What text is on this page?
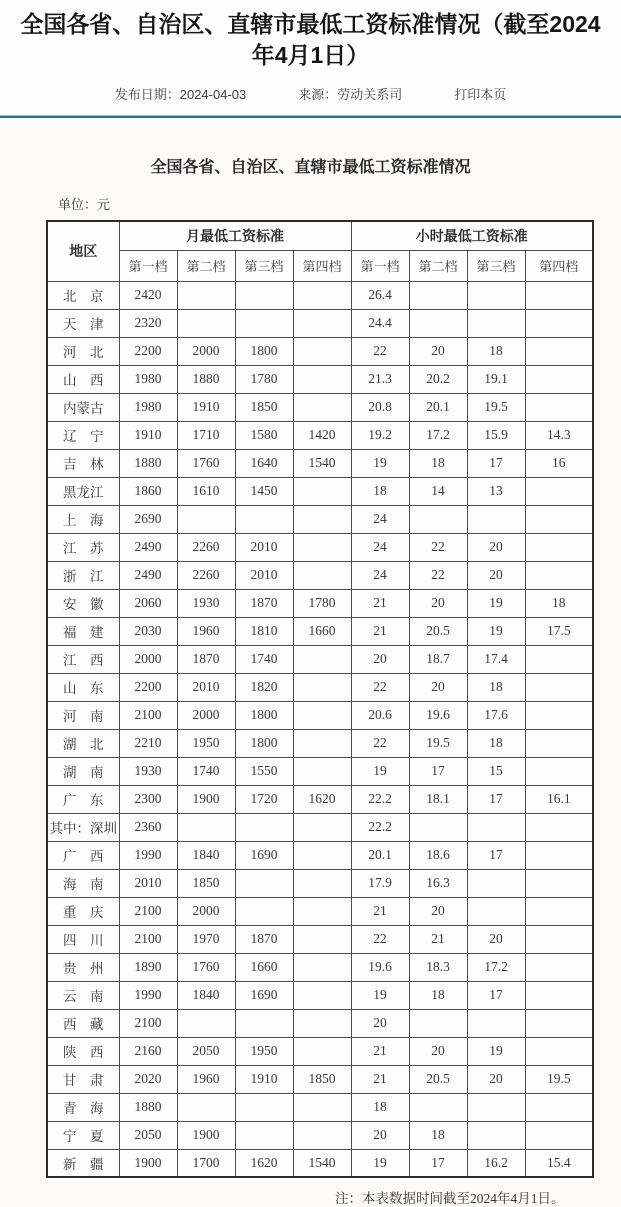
全国各省、自治区、直辖市最低工资标准情况（截至2024年4月1日）
发布日期：2024-04-03	来源：劳动关系司	打印本页
全国各省、自治区、直辖市最低工资标准情况
单位：元
地区	月最低工资标准				小时最低工资标准			
	第一档	第二档	第三档	第四档	第一档	第二档	第三档	第四档
北　京	2420				26.4			
天　津	2320				24.4			
河　北	2200	2000	1800		22	20	18	
山　西	1980	1880	1780		21.3	20.2	19.1	
内蒙古	1980	1910	1850		20.8	20.1	19.5	
辽　宁	1910	1710	1580	1420	19.2	17.2	15.9	14.3
吉　林	1880	1760	1640	1540	19	18	17	16
黑龙江	1860	1610	1450		18	14	13	
上　海	2690				24			
江　苏	2490	2260	2010		24	22	20	
浙　江	2490	2260	2010		24	22	20	
安　徽	2060	1930	1870	1780	21	20	19	18
福　建	2030	1960	1810	1660	21	20.5	19	17.5
江　西	2000	1870	1740		20	18.7	17.4	
山　东	2200	2010	1820		22	20	18	
河　南	2100	2000	1800		20.6	19.6	17.6	
湖　北	2210	1950	1800		22	19.5	18	
湖　南	1930	1740	1550		19	17	15	
广　东	2300	1900	1720	1620	22.2	18.1	17	16.1
其中：深圳	2360				22.2			
广　西	1990	1840	1690		20.1	18.6	17	
海　南	2010	1850			17.9	16.3		
重　庆	2100	2000			21	20		
四　川	2100	1970	1870		22	21	20	
贵　州	1890	1760	1660		19.6	18.3	17.2	
云　南	1990	1840	1690		19	18	17	
西　藏	2100				20			
陕　西	2160	2050	1950		21	20	19	
甘　肃	2020	1960	1910	1850	21	20.5	20	19.5
青　海	1880				18			
宁　夏	2050	1900			20	18		
新　疆	1900	1700	1620	1540	19	17	16.2	15.4
注：本表数据时间截至2024年4月1日。
